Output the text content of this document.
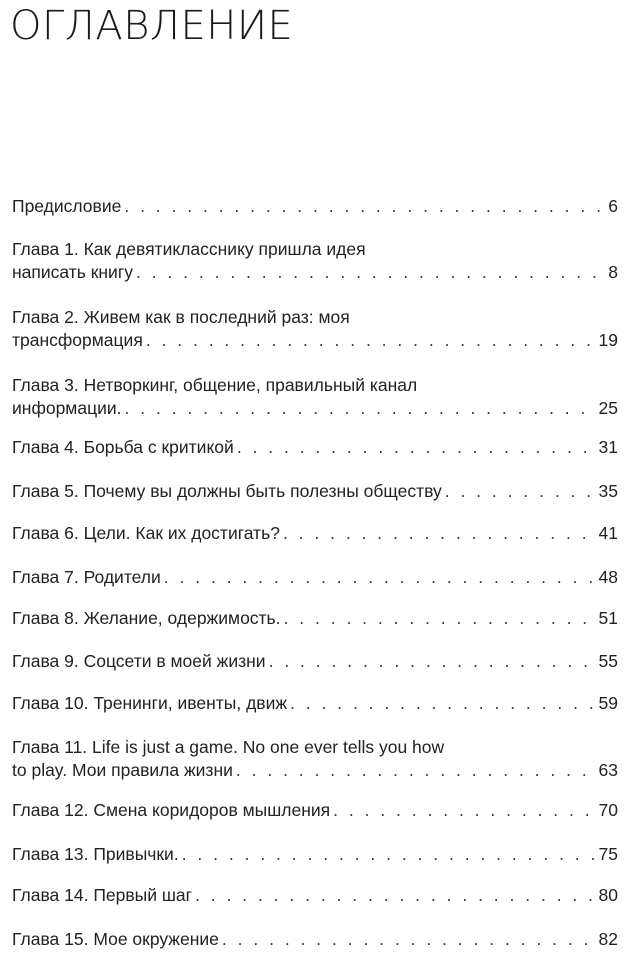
ОГЛАВЛЕНИЕ
Предисловие . . .	6
Глава 1. Как девятикласснику пришла идея
написать книгу . . .	8
Глава 2. Живем как в последний раз: моя
трансформация . . .	19
Глава 3. Нетворкинг, общение, правильный канал
информации. . . .	25
Глава 4. Борьба с критикой . . .	31
Глава 5. Почему вы должны быть полезны обществу . . .	35
Глава 6. Цели. Как их достигать? . . .	41
Глава 7. Родители . . .	48
Глава 8. Желание, одержимость. . . .	51
Глава 9. Соцсети в моей жизни . . .	55
Глава 10. Тренинги, ивенты, движ . . .	59
Глава 11. Life is just a game. No one ever tells you how
to play. Мои правила жизни . . .	63
Глава 12. Смена коридоров мышления . . .	70
Глава 13. Привычки. . . .	75
Глава 14. Первый шаг . . .	80
Глава 15. Мое окружение . . .	82
